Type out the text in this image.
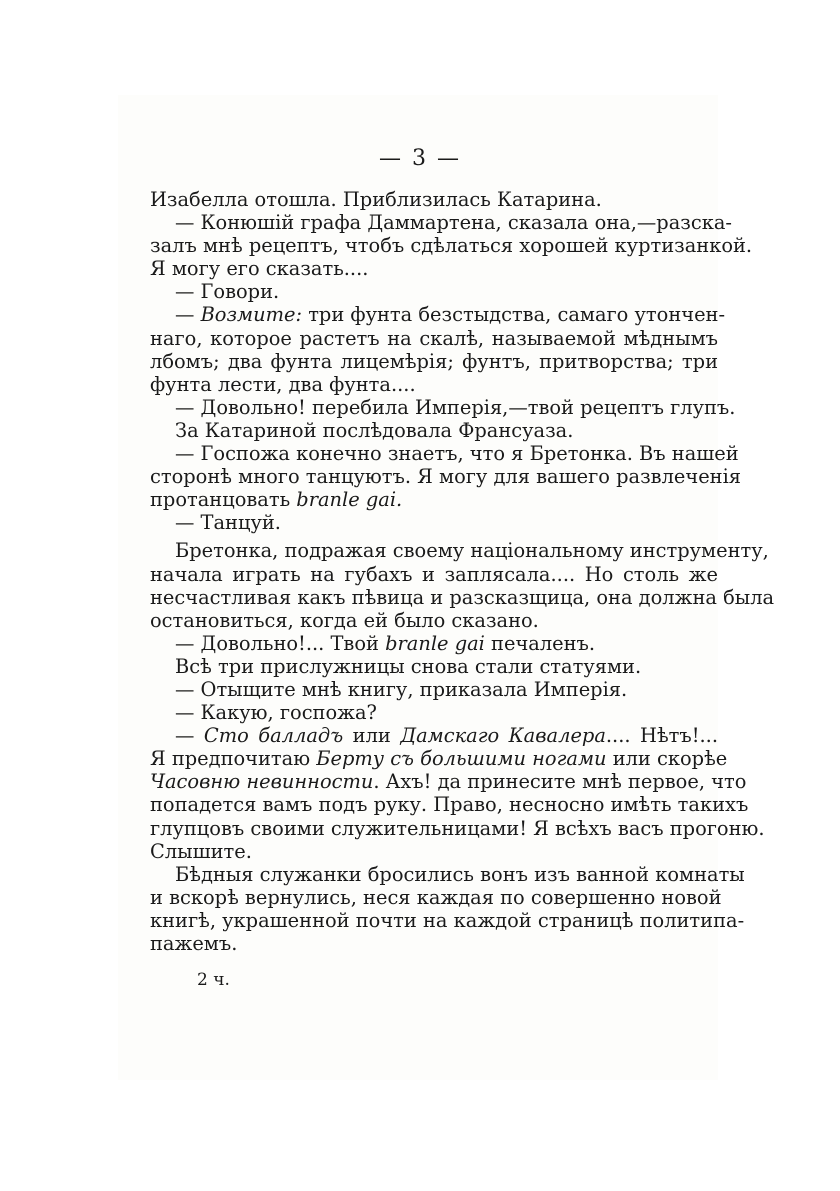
— 3 —
Изабелла отошла. Приблизилась Катарина.
— Конюшій графа Даммартена, сказала она,—разска-
залъ мнѣ рецептъ, чтобъ сдѣлаться хорошей куртизанкой.
Я могу его сказать....
— Говори.
— Возмите: три фунта безстыдства, самаго утончен-
наго, которое растетъ на скалѣ, называемой мѣднымъ
лбомъ; два фунта лицемѣрія; фунтъ, притворства; три
фунта лести, два фунта....
— Довольно! перебила Имперія,—твой рецептъ глупъ.
За Катариной послѣдовала Франсуаза.
— Госпожа конечно знаетъ, что я Бретонка. Въ нашей
сторонѣ много танцуютъ. Я могу для вашего развлеченія
протанцовать branle gai.
— Танцуй.
Бретонка, подражая своему національному инструменту,
начала играть на губахъ и заплясала.... Но столь же
несчастливая какъ пѣвица и разсказщица, она должна была
остановиться, когда ей было сказано.
— Довольно!... Твой branle gai печаленъ.
Всѣ три прислужницы снова стали статуями.
— Отыщите мнѣ книгу, приказала Имперія.
— Какую, госпожа?
— Сто балладъ или Дамскаго Кавалера.... Нѣтъ!...
Я предпочитаю Берту съ большими ногами или скорѣе
Часовню невинности. Ахъ! да принесите мнѣ первое, что
попадется вамъ подъ руку. Право, несносно имѣть такихъ
глупцовъ своими служительницами! Я всѣхъ васъ прогоню.
Слышите.
Бѣдныя служанки бросились вонъ изъ ванной комнаты
и вскорѣ вернулись, неся каждая по совершенно новой
книгѣ, украшенной почти на каждой страницѣ политипа-
пажемъ.
2 ч.
